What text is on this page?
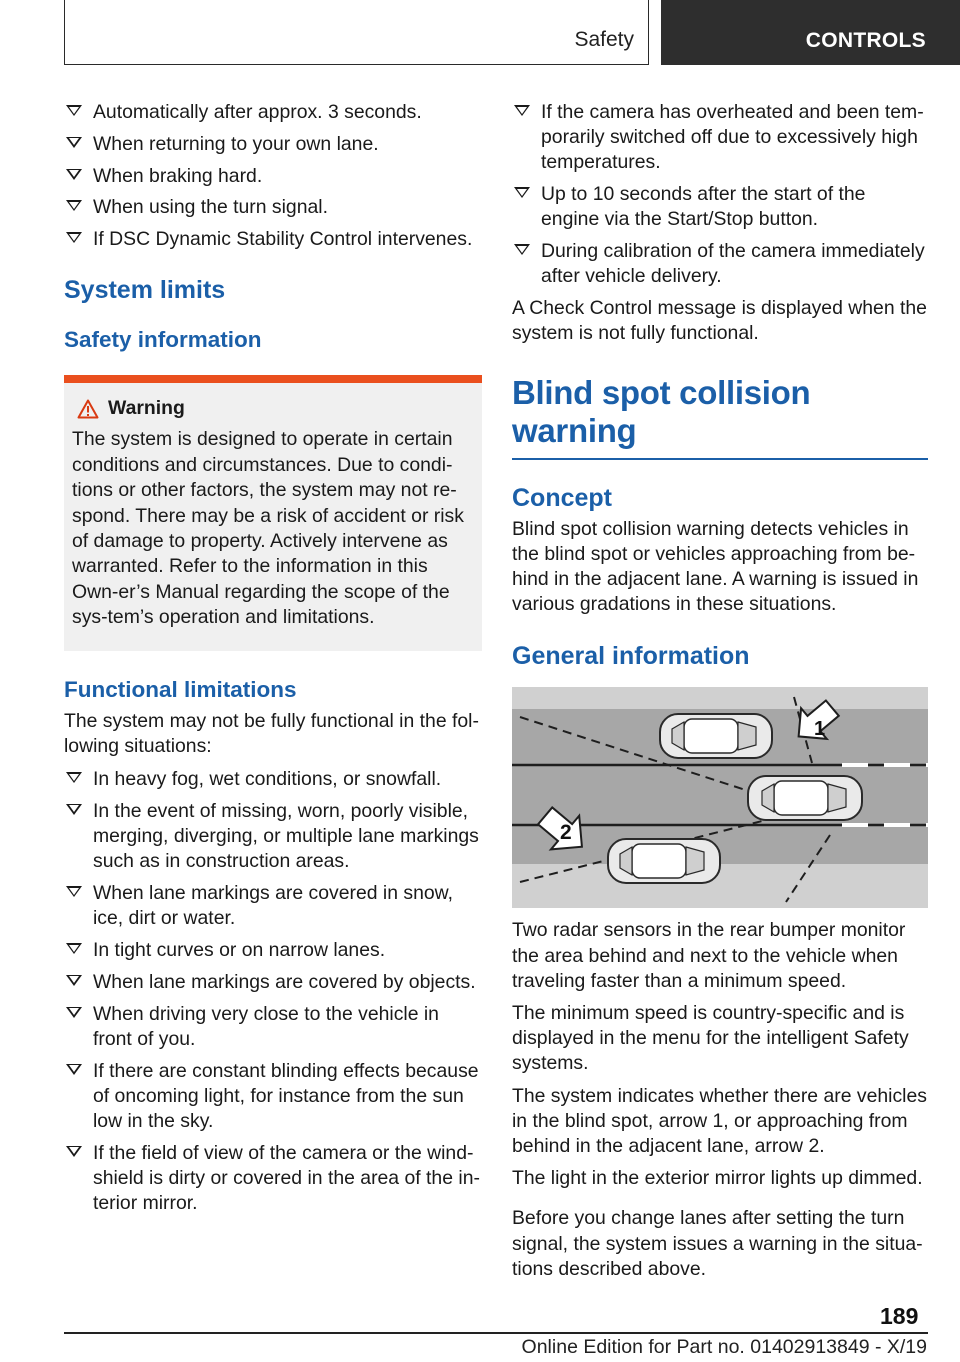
Safety	CONTROLS
Automatically after approx. 3 seconds.
When returning to your own lane.
When braking hard.
When using the turn signal.
If DSC Dynamic Stability Control intervenes.
System limits
Safety information
Warning

The system is designed to operate in certain conditions and circumstances. Due to condi-tions or other factors, the system may not re-spond. There may be a risk of accident or risk of damage to property. Actively intervene as warranted. Refer to the information in this Own-er’s Manual regarding the scope of the sys-tem’s operation and limitations.

Functional limitations

The system may not be fully functional in the fol-lowing situations:

In heavy fog, wet conditions, or snowfall.
In the event of missing, worn, poorly visible, merging, diverging, or multiple lane markings such as in construction areas.
When lane markings are covered in snow, ice, dirt or water.
In tight curves or on narrow lanes.
When lane markings are covered by objects.
When driving very close to the vehicle in front of you.
If there are constant blinding effects because of oncoming light, for instance from the sun low in the sky.
If the field of view of the camera or the wind-shield is dirty or covered in the area of the in-terior mirror.
If the camera has overheated and been tem-porarily switched off due to excessively high temperatures.
Up to 10 seconds after the start of the engine via the Start/Stop button.
During calibration of the camera immediately after vehicle delivery.

A Check Control message is displayed when the system is not fully functional.

Blind spot collision warning
Concept

Blind spot collision warning detects vehicles in the blind spot or vehicles approaching from be-hind in the adjacent lane. A warning is issued in various gradations in these situations.

General information
1
2

Two radar sensors in the rear bumper monitor the area behind and next to the vehicle when traveling faster than a minimum speed.

The minimum speed is country-specific and is displayed in the menu for the intelligent Safety systems.

The system indicates whether there are vehicles in the blind spot, arrow 1, or approaching from behind in the adjacent lane, arrow 2.

The light in the exterior mirror lights up dimmed.

Before you change lanes after setting the turn signal, the system issues a warning in the situa-tions described above.

189
Online Edition for Part no. 01402913849 - X/19
